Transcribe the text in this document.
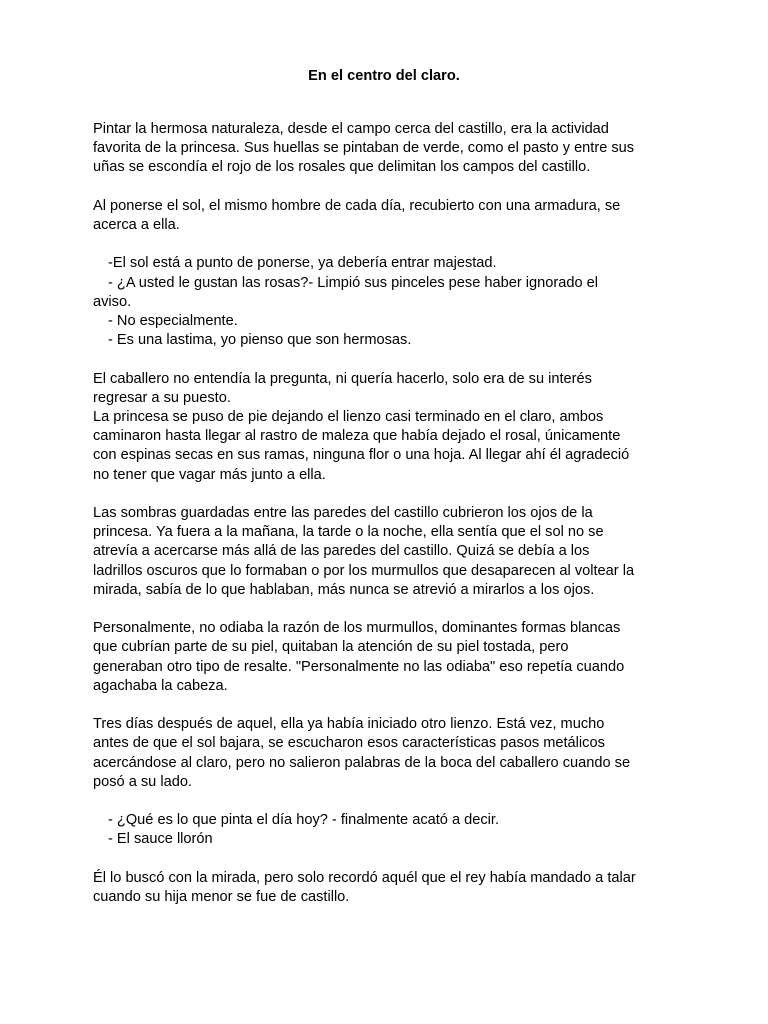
En el centro del claro.
Pintar la hermosa naturaleza, desde el campo cerca del castillo, era la actividad
favorita de la princesa. Sus huellas se pintaban de verde, como el pasto y entre sus
uñas se escondía el rojo de los rosales que delimitan los campos del castillo.
Al ponerse el sol, el mismo hombre de cada día, recubierto con una armadura, se
acerca a ella.
-El sol está a punto de ponerse, ya debería entrar majestad.
- ¿A usted le gustan las rosas?- Limpió sus pinceles pese haber ignorado el
aviso.
- No especialmente.
- Es una lastima, yo pienso que son hermosas.
El caballero no entendía la pregunta, ni quería hacerlo, solo era de su interés
regresar a su puesto.
La princesa se puso de pie dejando el lienzo casi terminado en el claro, ambos
caminaron hasta llegar al rastro de maleza que había dejado el rosal, únicamente
con espinas secas en sus ramas, ninguna flor o una hoja. Al llegar ahí él agradeció
no tener que vagar más junto a ella.
Las sombras guardadas entre las paredes del castillo cubrieron los ojos de la
princesa. Ya fuera a la mañana, la tarde o la noche, ella sentía que el sol no se
atrevía a acercarse más allá de las paredes del castillo. Quizá se debía a los
ladrillos oscuros que lo formaban o por los murmullos que desaparecen al voltear la
mirada, sabía de lo que hablaban, más nunca se atrevió a mirarlos a los ojos.
Personalmente, no odiaba la razón de los murmullos, dominantes formas blancas
que cubrían parte de su piel, quitaban la atención de su piel tostada, pero
generaban otro tipo de resalte. "Personalmente no las odiaba" eso repetía cuando
agachaba la cabeza.
Tres días después de aquel, ella ya había iniciado otro lienzo. Está vez, mucho
antes de que el sol bajara, se escucharon esos características pasos metálicos
acercándose al claro, pero no salieron palabras de la boca del caballero cuando se
posó a su lado.
- ¿Qué es lo que pinta el día hoy? - finalmente acató a decir.
- El sauce llorón
Él lo buscó con la mirada, pero solo recordó aquél que el rey había mandado a talar
cuando su hija menor se fue de castillo.
